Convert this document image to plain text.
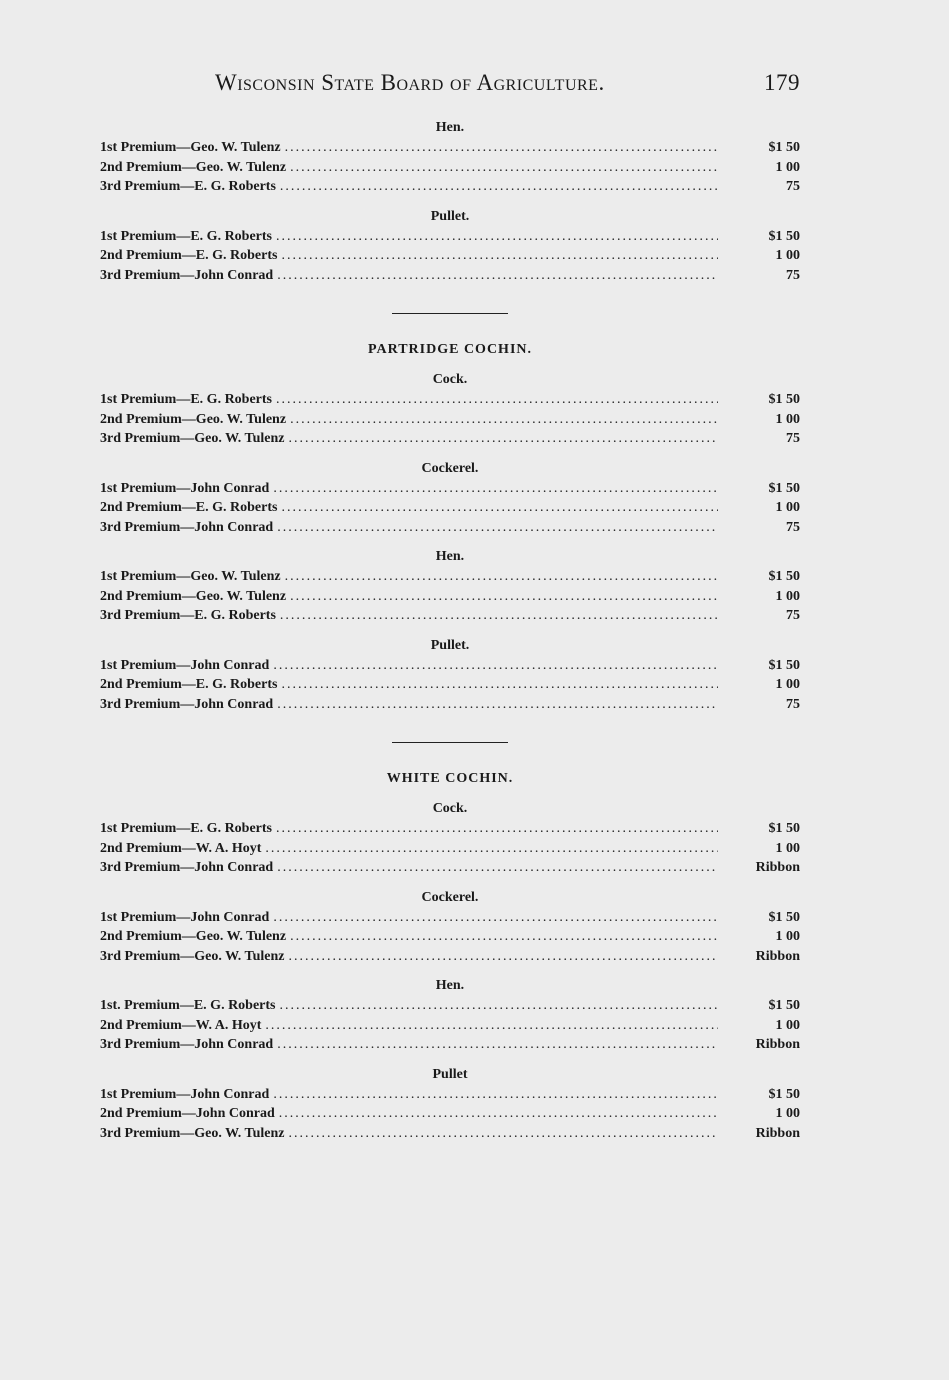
Wisconsin State Board of Agriculture.	179
Hen.
1st Premium—Geo. W. Tulenz .....	$1 50
2nd Premium—Geo. W. Tulenz .....	1 00
3rd Premium—E. G. Roberts .....	75
Pullet.
1st Premium—E. G. Roberts .....	$1 50
2nd Premium—E. G. Roberts .....	1 00
3rd Premium—John Conrad .....	75
PARTRIDGE COCHIN.
Cock.
1st Premium—E. G. Roberts .....	$1 50
2nd Premium—Geo. W. Tulenz .....	1 00
3rd Premium—Geo. W. Tulenz .....	75
Cockerel.
1st Premium—John Conrad .....	$1 50
2nd Premium—E. G. Roberts .....	1 00
3rd Premium—John Conrad .....	75
Hen.
1st Premium—Geo. W. Tulenz .....	$1 50
2nd Premium—Geo. W. Tulenz .....	1 00
3rd Premium—E. G. Roberts .....	75
Pullet.
1st Premium—John Conrad .....	$1 50
2nd Premium—E. G. Roberts .....	1 00
3rd Premium—John Conrad .....	75
WHITE COCHIN.
Cock.
1st Premium—E. G. Roberts .....	$1 50
2nd Premium—W. A. Hoyt .....	1 00
3rd Premium—John Conrad .....	Ribbon
Cockerel.
1st Premium—John Conrad .....	$1 50
2nd Premium—Geo. W. Tulenz .....	1 00
3rd Premium—Geo. W. Tulenz .....	Ribbon
Hen.
1st. Premium—E. G. Roberts .....	$1 50
2nd Premium—W. A. Hoyt .....	1 00
3rd Premium—John Conrad .....	Ribbon
Pullet
1st Premium—John Conrad .....	$1 50
2nd Premium—John Conrad .....	1 00
3rd Premium—Geo. W. Tulenz .....	Ribbon
